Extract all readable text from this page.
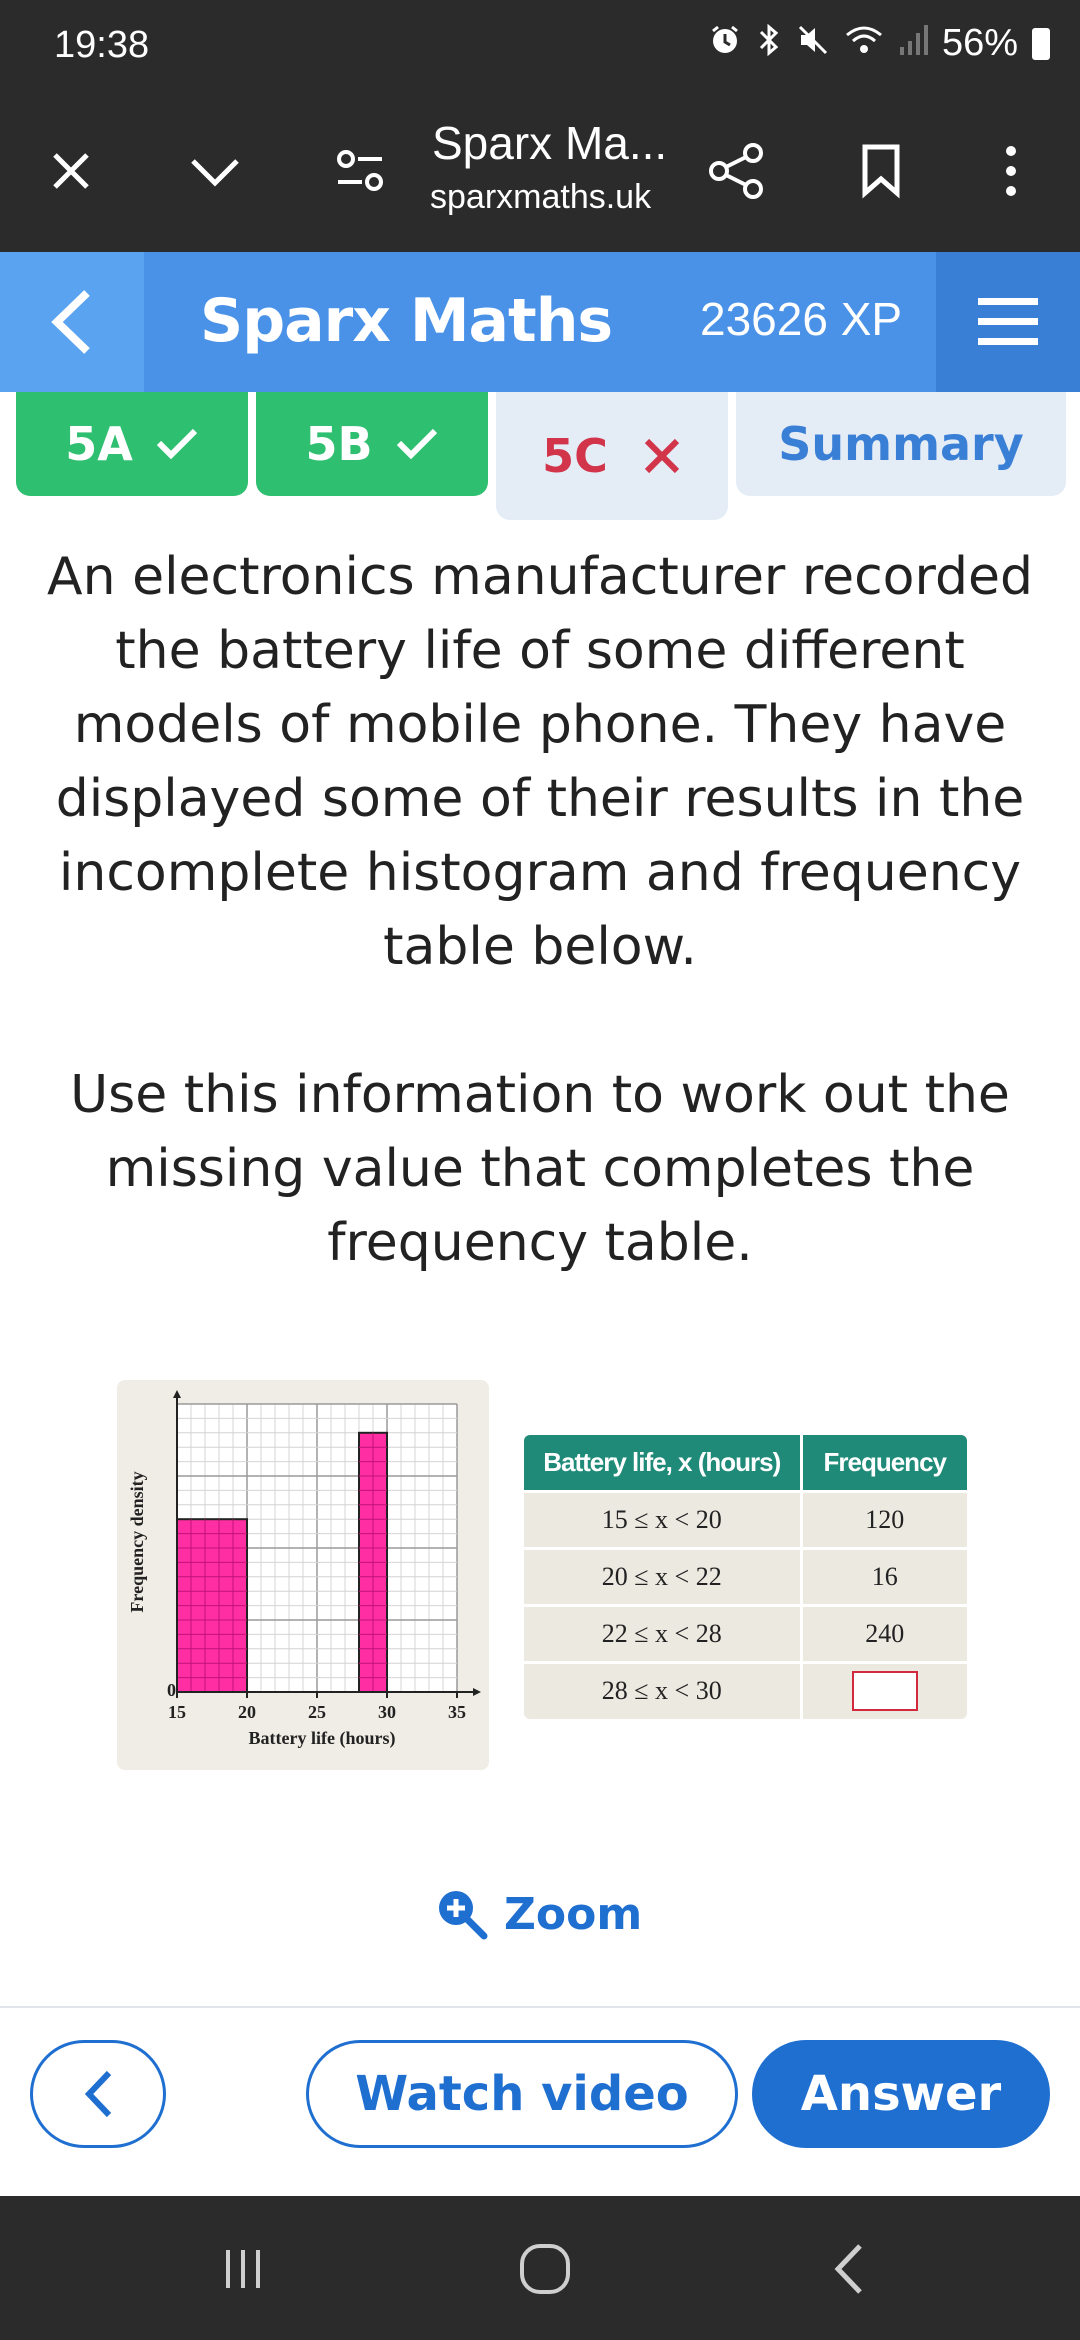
19:38	56%
Sparx Ma...
sparxmaths.uk
Sparx Maths 23626 XP
5A	5B	5C	Summary

An electronics manufacturer recorded the battery life of some different models of mobile phone. They have displayed some of their results in the incomplete histogram and frequency table below.

Use this information to work out the missing value that completes the frequency table.

15	20	25	30	35
0
Battery life (hours)
Frequency density
Battery life, x (hours)	Frequency
15 ≤ x < 20	120
20 ≤ x < 22	16
22 ≤ x < 28	240
28 ≤ x < 30	
Zoom
Watch video	Answer
